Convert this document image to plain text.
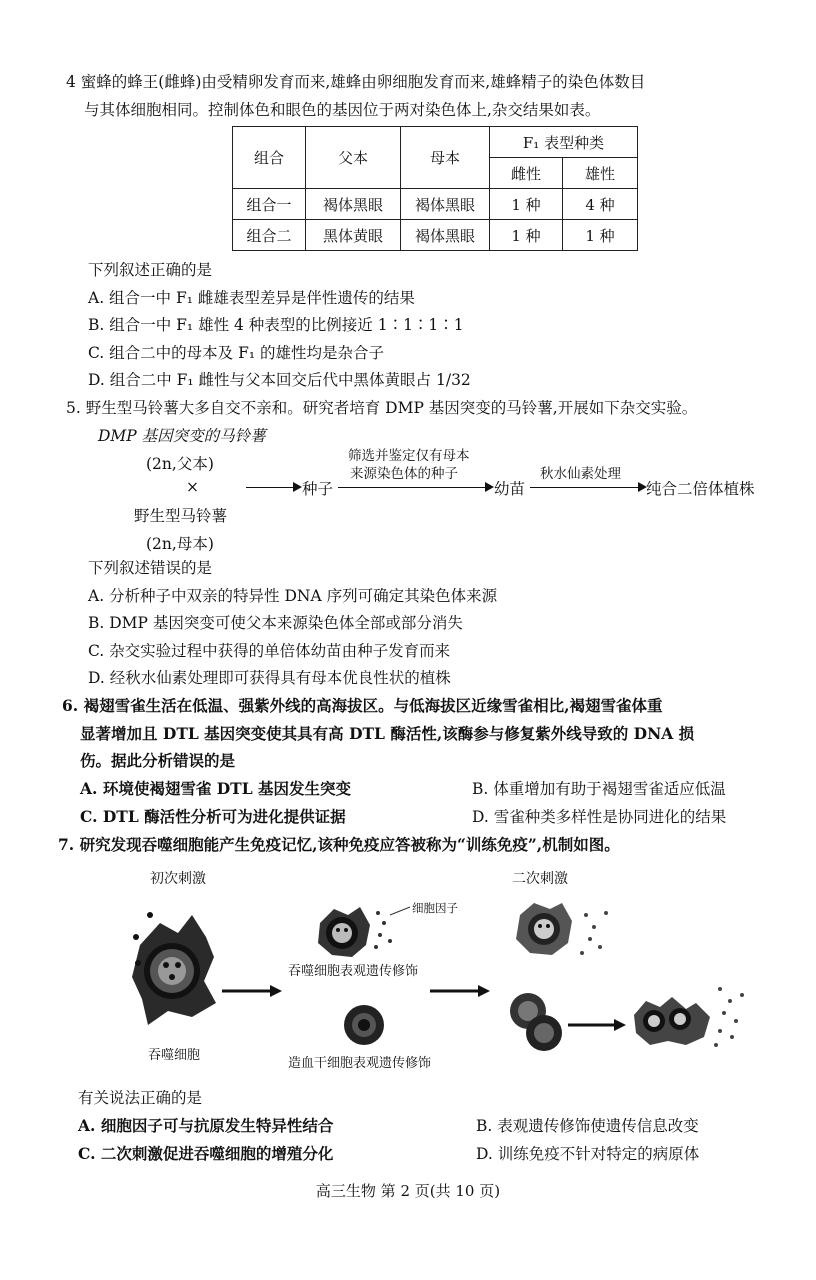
4 蜜蜂的蜂王(雌蜂)由受精卵发育而来,雄蜂由卵细胞发育而来,雄蜂精子的染色体数目
与其体细胞相同。控制体色和眼色的基因位于两对染色体上,杂交结果如表。
组合	父本	母本	F₁ 表型种类	
			雌性	雄性
组合一	褐体黑眼	褐体黑眼	1 种	4 种
组合二	黑体黄眼	褐体黑眼	1 种	1 种
下列叙述正确的是
A. 组合一中 F₁ 雌雄表型差异是伴性遗传的结果
B. 组合一中 F₁ 雄性 4 种表型的比例接近 1∶1∶1∶1
C. 组合二中的母本及 F₁ 的雄性均是杂合子
D. 组合二中 F₁ 雌性与父本回交后代中黑体黄眼占 1/32
5. 野生型马铃薯大多自交不亲和。研究者培育 DMP 基因突变的马铃薯,开展如下杂交实验。
DMP 基因突变的马铃薯
(2n,父本)
×
野生型马铃薯
(2n,母本)
种子
筛选并鉴定仅有母本
来源染色体的种子
幼苗
秋水仙素处理
纯合二倍体植株
下列叙述错误的是
A. 分析种子中双亲的特异性 DNA 序列可确定其染色体来源
B. DMP 基因突变可使父本来源染色体全部或部分消失
C. 杂交实验过程中获得的单倍体幼苗由种子发育而来
D. 经秋水仙素处理即可获得具有母本优良性状的植株
6. 褐翅雪雀生活在低温、强紫外线的高海拔区。与低海拔区近缘雪雀相比,褐翅雪雀体重
显著增加且 DTL 基因突变使其具有高 DTL 酶活性,该酶参与修复紫外线导致的 DNA 损
伤。据此分析错误的是
A. 环境使褐翅雪雀 DTL 基因发生突变	B. 体重增加有助于褐翅雪雀适应低温
C. DTL 酶活性分析可为进化提供证据	D. 雪雀种类多样性是协同进化的结果
7. 研究发现吞噬细胞能产生免疫记忆,该种免疫应答被称为“训练免疫”,机制如图。
初次刺激	二次刺激
细胞因子
吞噬细胞表观遗传修饰
吞噬细胞
造血干细胞表观遗传修饰
有关说法正确的是
A. 细胞因子可与抗原发生特异性结合	B. 表观遗传修饰使遗传信息改变
C. 二次刺激促进吞噬细胞的增殖分化	D. 训练免疫不针对特定的病原体
高三生物 第 2 页(共 10 页)
